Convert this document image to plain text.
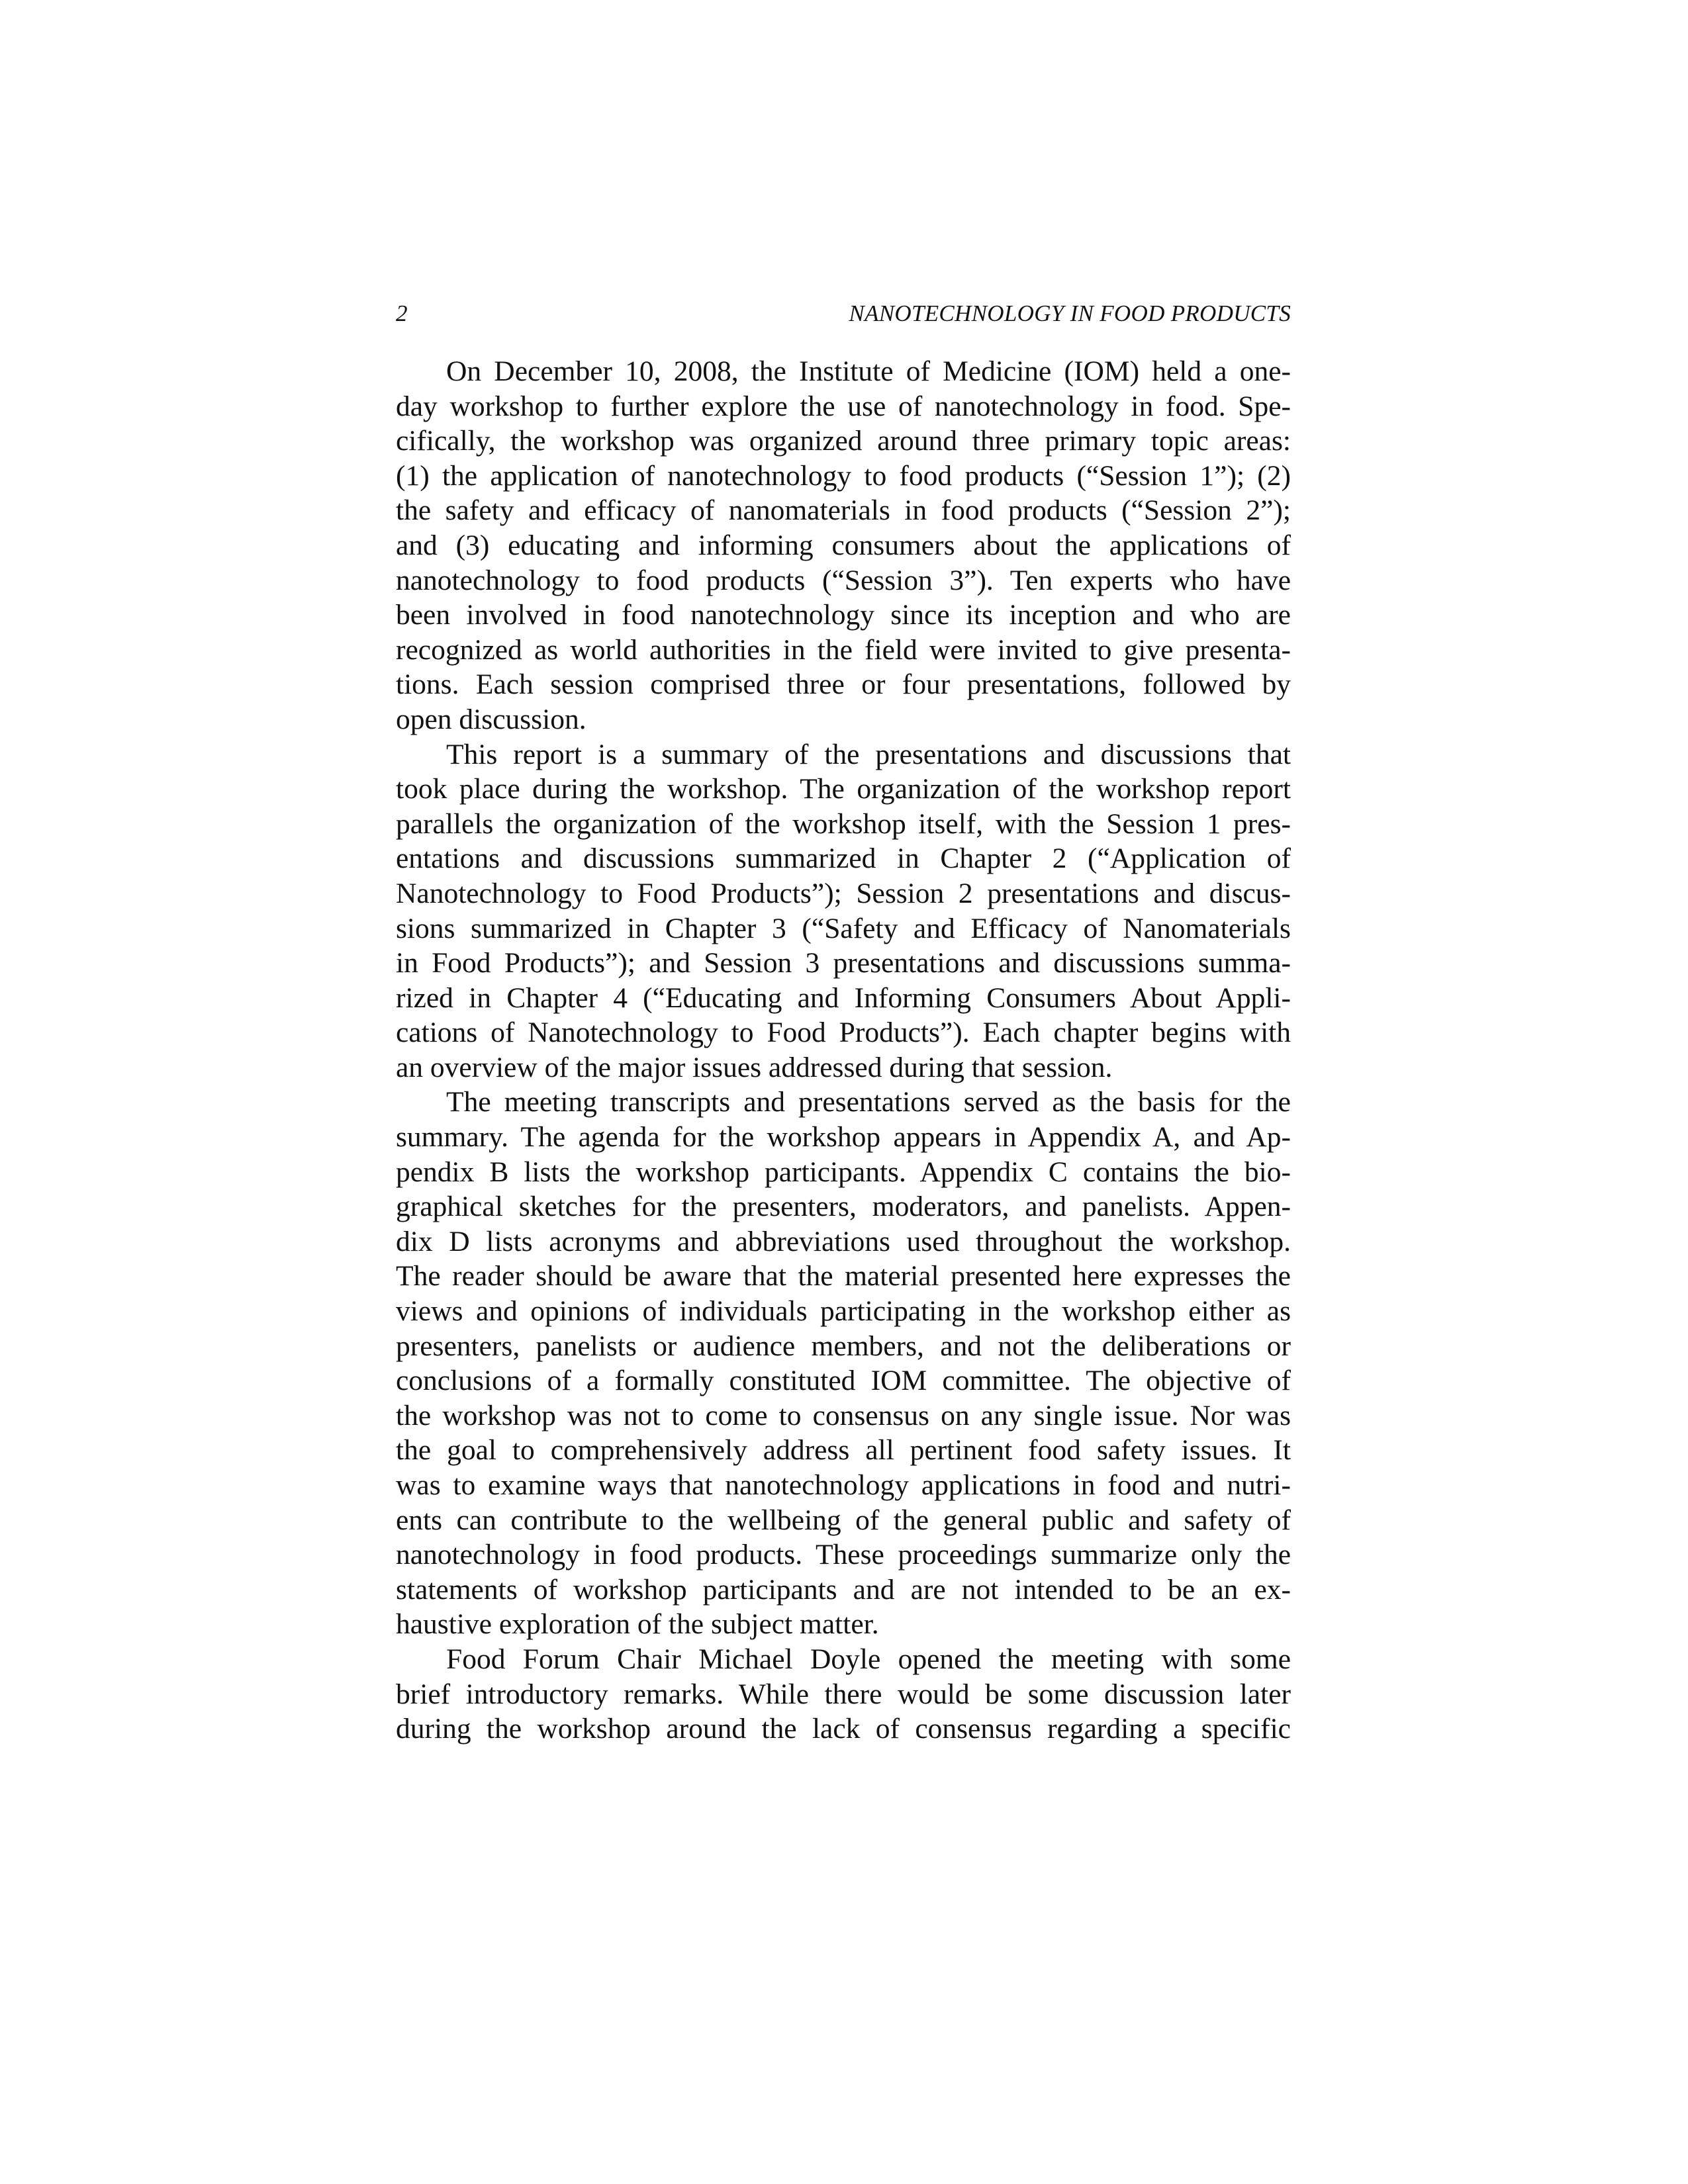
2	NANOTECHNOLOGY IN FOOD PRODUCTS
On December 10, 2008, the Institute of Medicine (IOM) held a one-
day workshop to further explore the use of nanotechnology in food. Spe-
cifically, the workshop was organized around three primary topic areas:
(1) the application of nanotechnology to food products (“Session 1”); (2)
the safety and efficacy of nanomaterials in food products (“Session 2”);
and (3) educating and informing consumers about the applications of
nanotechnology to food products (“Session 3”). Ten experts who have
been involved in food nanotechnology since its inception and who are
recognized as world authorities in the field were invited to give presenta-
tions. Each session comprised three or four presentations, followed by
open discussion.
This report is a summary of the presentations and discussions that
took place during the workshop. The organization of the workshop report
parallels the organization of the workshop itself, with the Session 1 pres-
entations and discussions summarized in Chapter 2 (“Application of
Nanotechnology to Food Products”); Session 2 presentations and discus-
sions summarized in Chapter 3 (“Safety and Efficacy of Nanomaterials
in Food Products”); and Session 3 presentations and discussions summa-
rized in Chapter 4 (“Educating and Informing Consumers About Appli-
cations of Nanotechnology to Food Products”). Each chapter begins with
an overview of the major issues addressed during that session.
The meeting transcripts and presentations served as the basis for the
summary. The agenda for the workshop appears in Appendix A, and Ap-
pendix B lists the workshop participants. Appendix C contains the bio-
graphical sketches for the presenters, moderators, and panelists. Appen-
dix D lists acronyms and abbreviations used throughout the workshop.
The reader should be aware that the material presented here expresses the
views and opinions of individuals participating in the workshop either as
presenters, panelists or audience members, and not the deliberations or
conclusions of a formally constituted IOM committee. The objective of
the workshop was not to come to consensus on any single issue. Nor was
the goal to comprehensively address all pertinent food safety issues. It
was to examine ways that nanotechnology applications in food and nutri-
ents can contribute to the wellbeing of the general public and safety of
nanotechnology in food products. These proceedings summarize only the
statements of workshop participants and are not intended to be an ex-
haustive exploration of the subject matter.
Food Forum Chair Michael Doyle opened the meeting with some
brief introductory remarks. While there would be some discussion later
during the workshop around the lack of consensus regarding a specific
